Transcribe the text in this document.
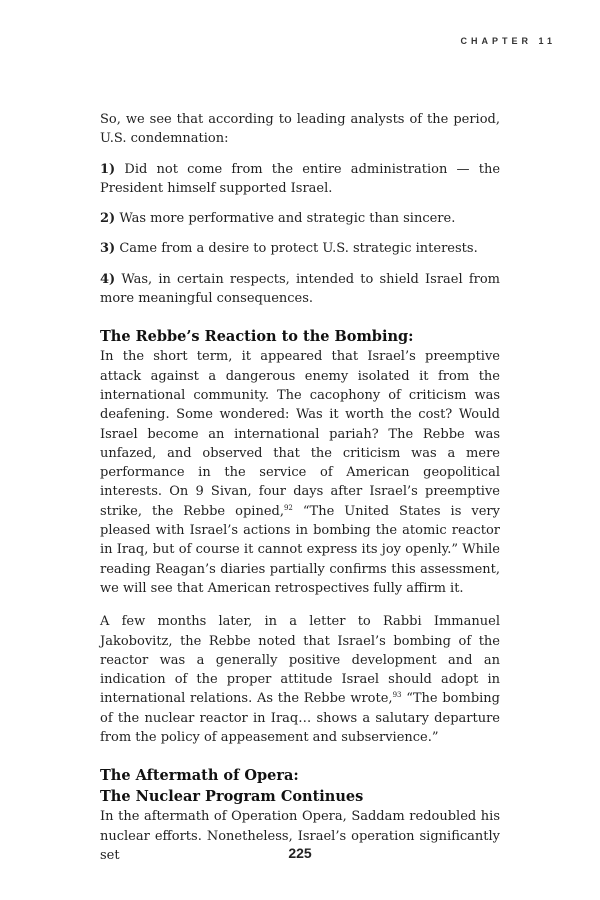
CHAPTER 11

So, we see that according to leading analysts of the period, U.S. condemnation:

1) Did not come from the entire administration — the President himself supported Israel.

2) Was more performative and strategic than sincere.

3) Came from a desire to protect U.S. strategic interests.

4) Was, in certain respects, intended to shield Israel from more meaningful consequences.

The Rebbe’s Reaction to the Bombing:

In the short term, it appeared that Israel’s preemptive attack against a dangerous enemy isolated it from the international community. The cacophony of criticism was deafening. Some wondered: Was it worth the cost? Would Israel become an international pariah? The Rebbe was unfazed, and observed that the criticism was a mere performance in the service of American geopolitical interests. On 9 Sivan, four days after Israel’s preemptive strike, the Rebbe opined,$^{92}$ “The United States is very pleased with Israel’s actions in bombing the atomic reactor in Iraq, but of course it cannot express its joy openly.” While reading Reagan’s diaries partially confirms this assessment, we will see that American retrospectives fully affirm it.

A few months later, in a letter to Rabbi Immanuel Jakobovitz, the Rebbe noted that Israel’s bombing of the reactor was a generally positive development and an indication of the proper attitude Israel should adopt in international relations. As the Rebbe wrote,$^{93}$ “The bombing of the nuclear reactor in Iraq… shows a salutary departure from the policy of appeasement and subservience.”

The Aftermath of Opera:
The Nuclear Program Continues

In the aftermath of Operation Opera, Saddam redoubled his nuclear efforts. Nonetheless, Israel’s operation significantly set	225
